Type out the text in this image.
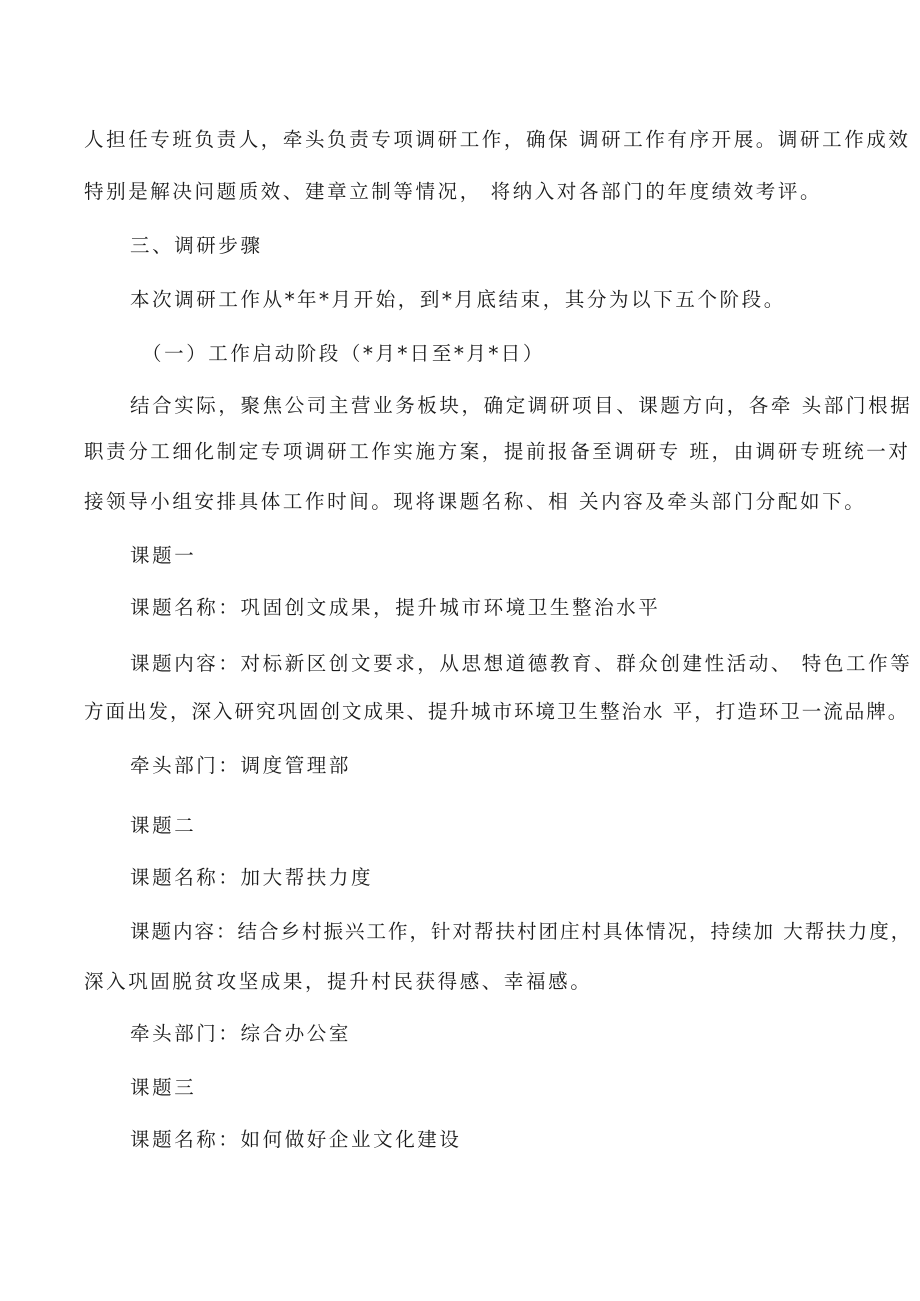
人担任专班负责人，牵头负责专项调研工作，确保 调研工作有序开展。调研工作成效
特别是解决问题质效、建章立制等情况， 将纳入对各部门的年度绩效考评。
三、调研步骤
本次调研工作从*年*月开始，到*月底结束，其分为以下五个阶段。
（一）工作启动阶段（*月*日至*月*日）
结合实际，聚焦公司主营业务板块，确定调研项目、课题方向，各牵 头部门根据
职责分工细化制定专项调研工作实施方案，提前报备至调研专 班，由调研专班统一对
接领导小组安排具体工作时间。现将课题名称、相 关内容及牵头部门分配如下。
课题一
课题名称：巩固创文成果，提升城市环境卫生整治水平
课题内容：对标新区创文要求，从思想道德教育、群众创建性活动、 特色工作等
方面出发，深入研究巩固创文成果、提升城市环境卫生整治水 平，打造环卫一流品牌。
牵头部门：调度管理部
课题二
课题名称：加大帮扶力度
课题内容：结合乡村振兴工作，针对帮扶村团庄村具体情况，持续加 大帮扶力度，
深入巩固脱贫攻坚成果，提升村民获得感、幸福感。
牵头部门：综合办公室
课题三
课题名称：如何做好企业文化建设
